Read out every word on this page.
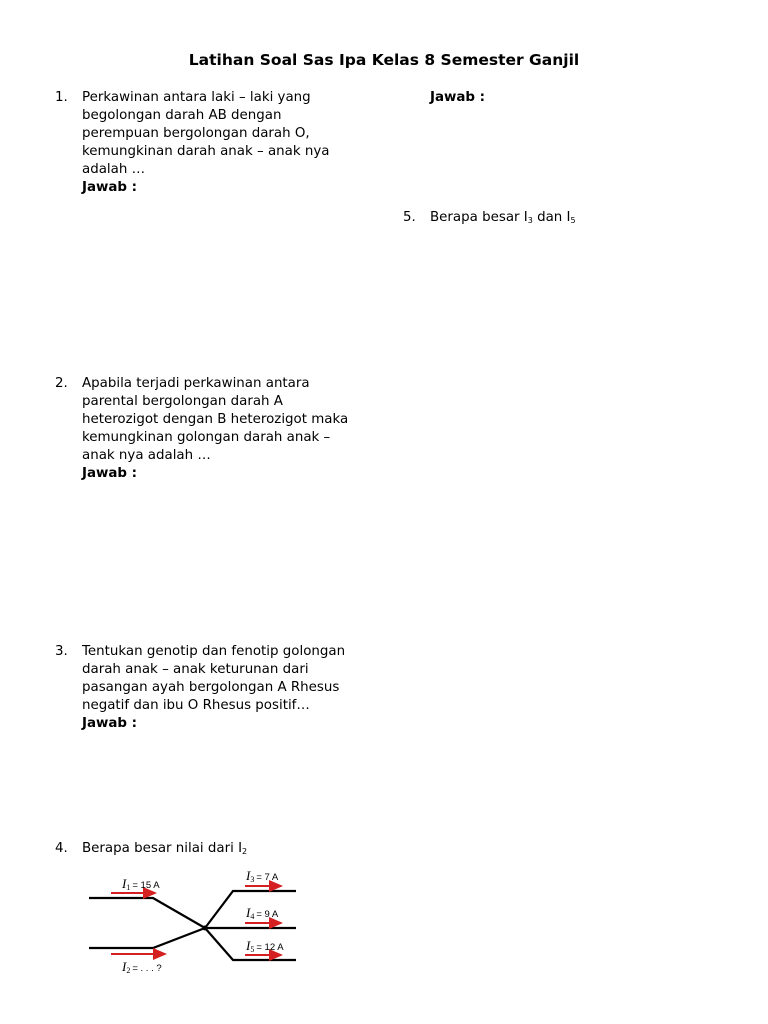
Latihan Soal Sas Ipa Kelas 8 Semester Ganjil
1. Perkawinan antara laki – laki yang
begolongan darah AB dengan
perempuan bergolongan darah O,
kemungkinan darah anak – anak nya
adalah …
Jawab :
Jawab :
5. Berapa besar $I_3$ dan $I_5$
2. Apabila terjadi perkawinan antara
parental bergolongan darah A
heterozigot dengan B heterozigot maka
kemungkinan golongan darah anak –
anak nya adalah …
Jawab :
3. Tentukan genotip dan fenotip golongan
darah anak – anak keturunan dari
pasangan ayah bergolongan A Rhesus
negatif dan ibu O Rhesus positif…
Jawab :
4. Berapa besar nilai dari $I_2$
I1 = 15 A
I2 = . . . ?
I3 = 7 A
I4 = 9 A
I5 = 12 A
